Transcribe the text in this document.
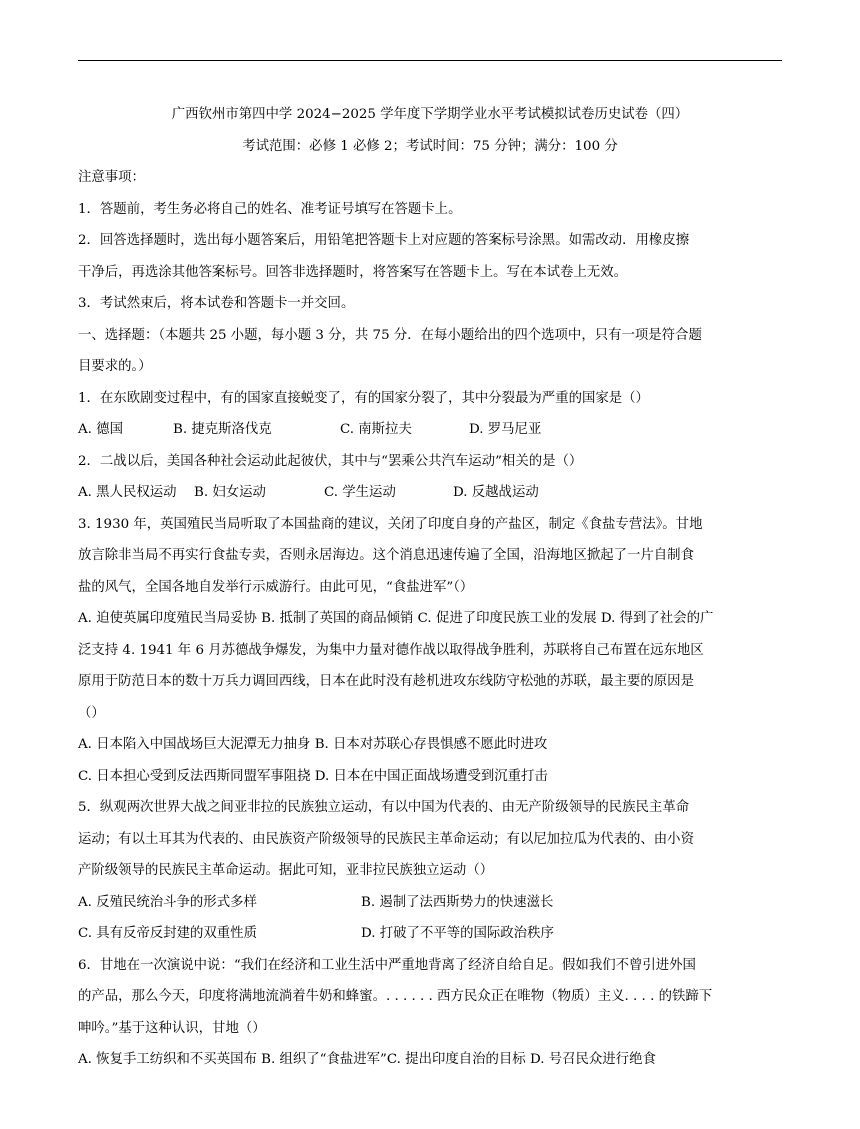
广西钦州市第四中学 2024−2025 学年度下学期学业水平考试模拟试卷历史试卷（四）
考试范围：必修 1 必修 2；考试时间：75 分钟；满分：100 分
注意事项：
1．答题前，考生务必将自己的姓名、准考证号填写在答题卡上。
2．回答选择题时，选出每小题答案后，用铅笔把答题卡上对应题的答案标号涂黑。如需改动．用橡皮擦
干净后，再选涂其他答案标号。回答非选择题时，将答案写在答题卡上。写在本试卷上无效。
3．考试然束后，将本试卷和答题卡一并交回。
一、选择题：（本题共 25 小题，每小题 3 分，共 75 分．在每小题给出的四个选项中，只有一项是符合题
目要求的。）
1．在东欧剧变过程中，有的国家直接蜕变了，有的国家分裂了，其中分裂最为严重的国家是（）
A. 德国	B. 捷克斯洛伐克	C. 南斯拉夫	D. 罗马尼亚
2．二战以后，美国各种社会运动此起彼伏，其中与“罢乘公共汽车运动”相关的是（）
A. 黑人民权运动 B. 妇女运动	C. 学生运动	D. 反越战运动
3. 1930 年，英国殖民当局听取了本国盐商的建议，关闭了印度自身的产盐区，制定《食盐专营法》。甘地
放言除非当局不再实行食盐专卖，否则永居海边。这个消息迅速传遍了全国，沿海地区掀起了一片自制食
盐的风气，全国各地自发举行示威游行。由此可见，“食盐进军”（）
A. 迫使英属印度殖民当局妥协 B. 抵制了英国的商品倾销 C. 促进了印度民族工业的发展 D. 得到了社会的广
泛支持 4. 1941 年 6 月苏德战争爆发，为集中力量对德作战以取得战争胜利，苏联将自己布置在远东地区
原用于防范日本的数十万兵力调回西线，日本在此时没有趁机进攻东线防守松弛的苏联，最主要的原因是
（）
A. 日本陷入中国战场巨大泥潭无力抽身 B. 日本对苏联心存畏惧感不愿此时进攻
C. 日本担心受到反法西斯同盟军事阻挠 D. 日本在中国正面战场遭受到沉重打击
5．纵观两次世界大战之间亚非拉的民族独立运动，有以中国为代表的、由无产阶级领导的民族民主革命
运动；有以土耳其为代表的、由民族资产阶级领导的民族民主革命运动；有以尼加拉瓜为代表的、由小资
产阶级领导的民族民主革命运动。据此可知，亚非拉民族独立运动（）
A. 反殖民统治斗争的形式多样	B. 遏制了法西斯势力的快速滋长
C. 具有反帝反封建的双重性质	D. 打破了不平等的国际政治秩序
6．甘地在一次演说中说：“我们在经济和工业生活中严重地背离了经济自给自足。假如我们不曾引进外国
的产品，那么今天，印度将满地流淌着牛奶和蜂蜜。. . . . . . 西方民众正在唯物（物质）主义. . . . 的铁蹄下
呻吟。”基于这种认识，甘地（）
A. 恢复手工纺织和不买英国布 B. 组织了“食盐进军”C. 提出印度自治的目标 D. 号召民众进行绝食
